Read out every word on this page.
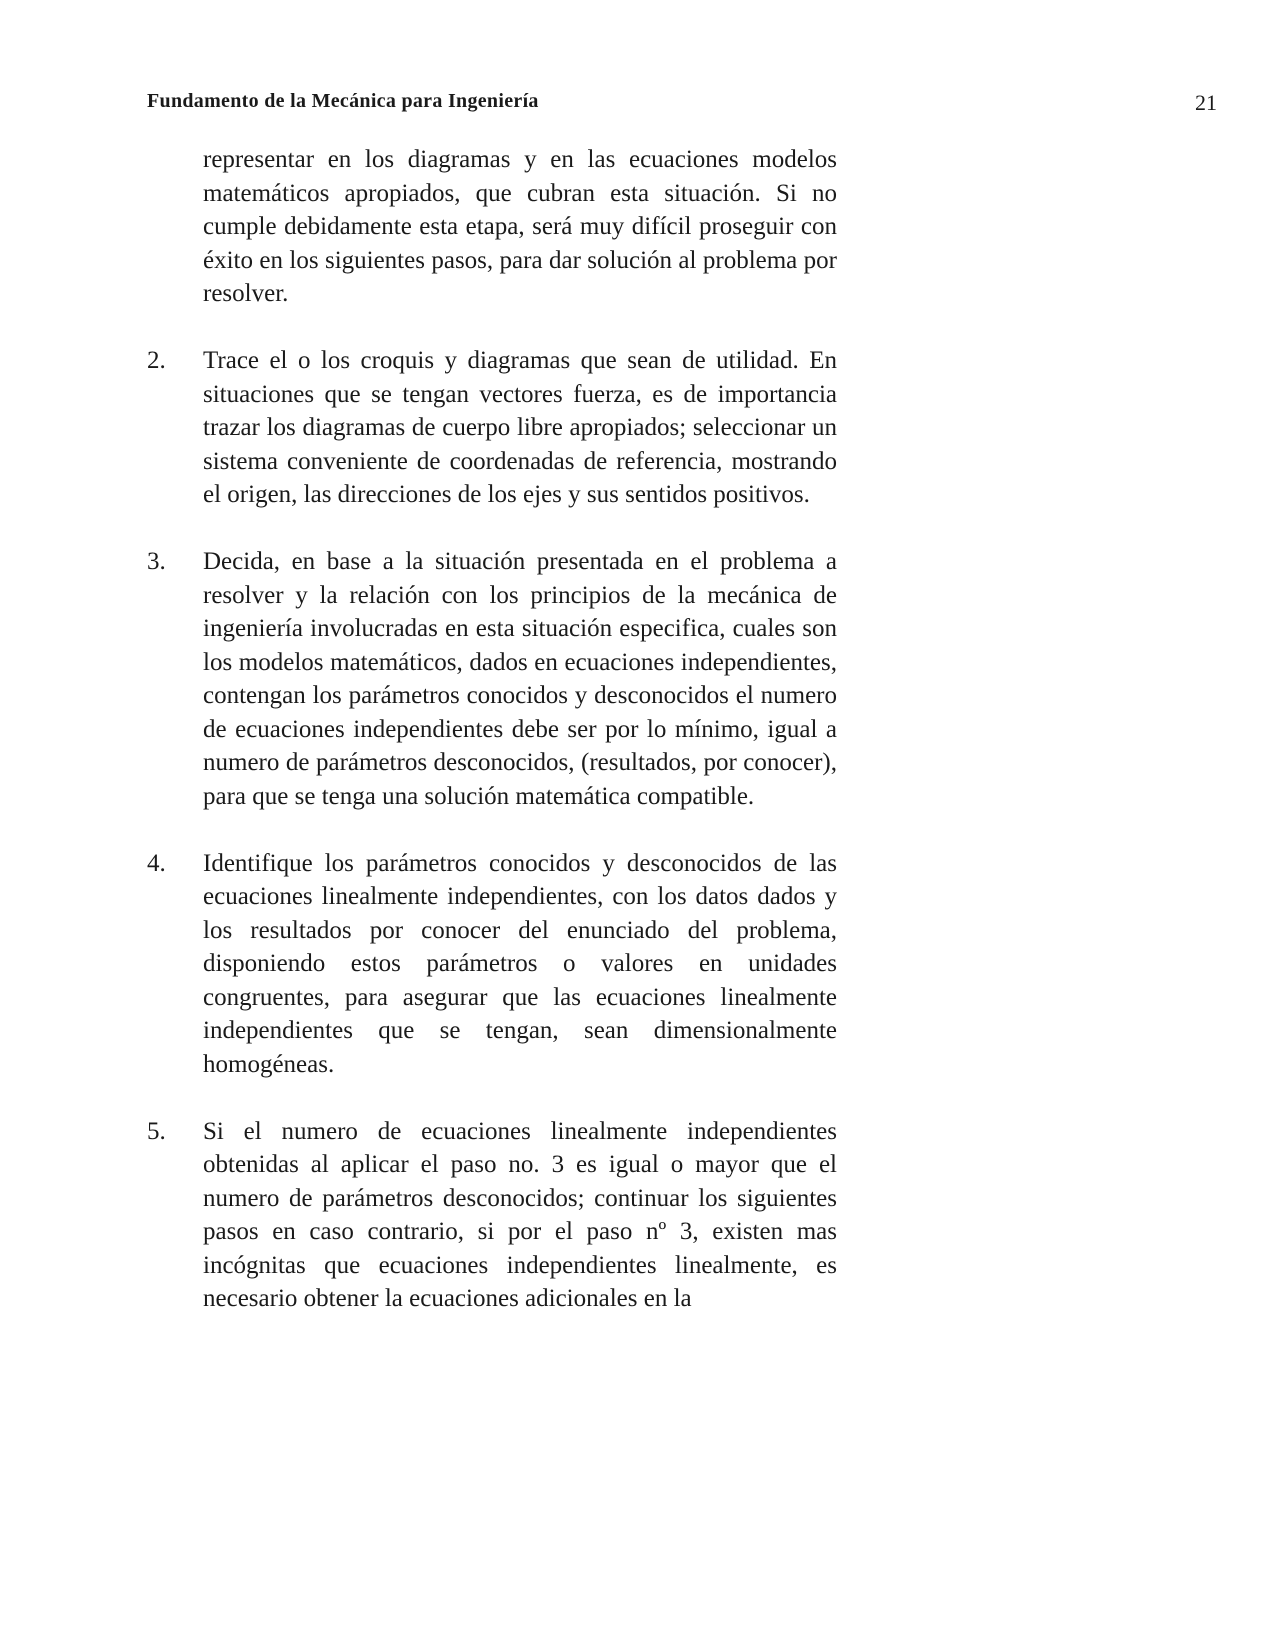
Fundamento de la Mecánica para Ingeniería	21

representar en los diagramas y en las ecuaciones modelos matemáticos apropiados, que cubran esta situación. Si no cumple debidamente esta etapa, será muy difícil proseguir con éxito en los siguientes pasos, para dar solución al problema por resolver.

2. Trace el o los croquis y diagramas que sean de utilidad. En situaciones que se tengan vectores fuerza, es de importancia trazar los diagramas de cuerpo libre apropiados; seleccionar un sistema conveniente de coordenadas de referencia, mostrando el origen, las direcciones de los ejes y sus sentidos positivos.

3. Decida, en base a la situación presentada en el problema a resolver y la relación con los principios de la mecánica de ingeniería involucradas en esta situación especifica, cuales son los modelos matemáticos, dados en ecuaciones independientes, contengan los parámetros conocidos y desconocidos el numero de ecuaciones independientes debe ser por lo mínimo, igual a numero de parámetros desconocidos, (resultados, por conocer), para que se tenga una solución matemática compatible.

4. Identifique los parámetros conocidos y desconocidos de las ecuaciones linealmente independientes, con los datos dados y los resultados por conocer del enunciado del problema, disponiendo estos parámetros o valores en unidades congruentes, para asegurar que las ecuaciones linealmente independientes que se tengan, sean dimensionalmente homogéneas.

5. Si el numero de ecuaciones linealmente independientes obtenidas al aplicar el paso no. 3 es igual o mayor que el numero de parámetros desconocidos; continuar los siguientes pasos en caso contrario, si por el paso nº 3, existen mas incógnitas que ecuaciones independientes linealmente, es necesario obtener la ecuaciones adicionales en la
